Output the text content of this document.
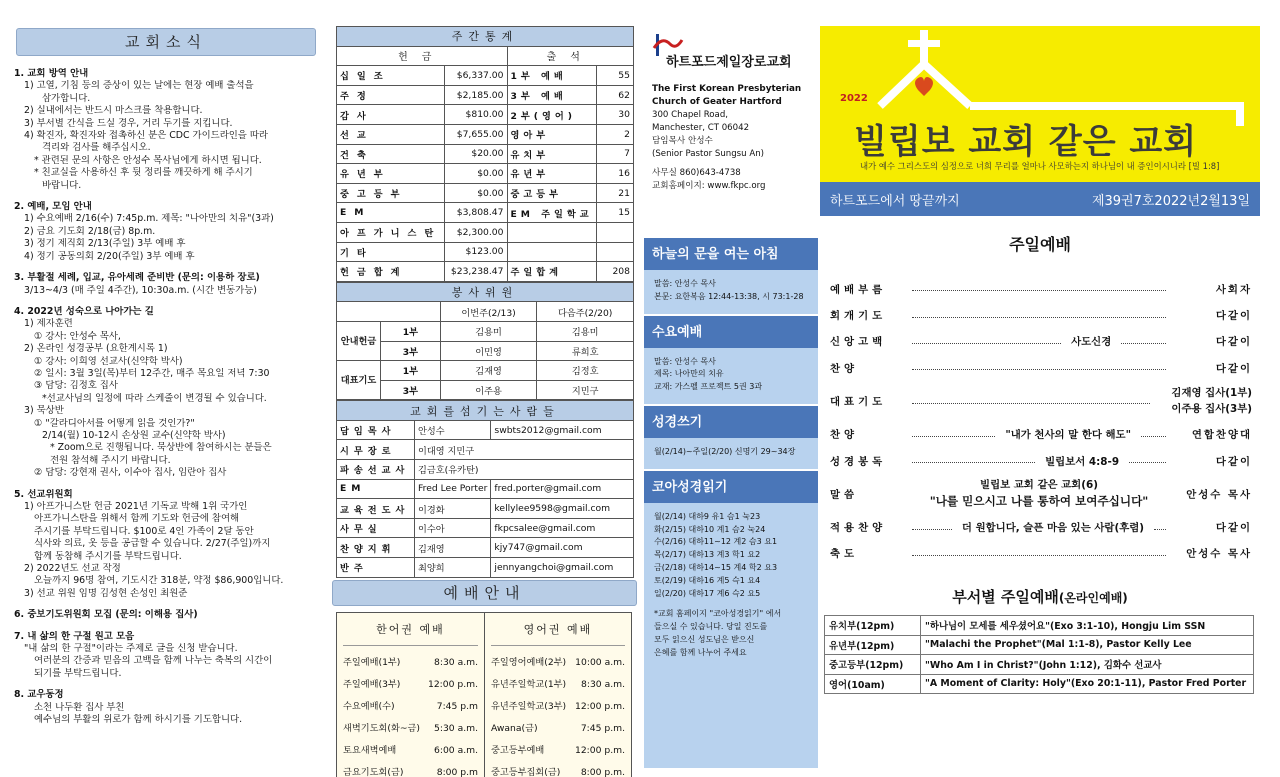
교회소식
1. 교회 방역 안내
1) 고열, 기침 등의 증상이 있는 날에는 현장 예배 출석을
삼가합니다.
2) 실내에서는 반드시 마스크를 착용합니다.
3) 부서별 간식을 드실 경우, 거리 두기를 지킵니다.
4) 확진자, 확진자와 접촉하신 분은 CDC 가이드라인을 따라
격리와 검사를 해주십시오.
* 관련된 문의 사항은 안성수 목사님에게 하시면 됩니다.
* 친교실을 사용하신 후 뒷 정리를 깨끗하게 해 주시기
바랍니다.
2. 예배, 모임 안내
1) 수요예배 2/16(수) 7:45p.m. 제목: "나아만의 치유"(3과)
2) 금요 기도회 2/18(금) 8p.m.
3) 정기 제직회 2/13(주일) 3부 예배 후
4) 정기 공동의회 2/20(주일) 3부 예배 후
3. 부활절 세례, 입교, 유아세례 준비반 (문의: 이용하 장로)
3/13~4/3 (매 주일 4주간), 10:30a.m. (시간 변동가능)
4. 2022년 성숙으로 나아가는 길
1) 제자훈련
① 강사: 안성수 목사,
2) 온라인 성경공부 (요한계시록 1)
① 강사: 이희영 선교사(신약학 박사)
② 일시: 3월 3일(목)부터 12주간, 매주 목요일 저녁 7:30
③ 담당: 김정호 집사
*선교사님의 일정에 따라 스케줄이 변경될 수 있습니다.
3) 묵상반
① "갈라디아서를 어떻게 읽을 것인가?"
2/14(월) 10-12시 손상원 교수(신약학 박사)
* Zoom으로 진행됩니다. 묵상반에 참여하시는 분들은
전원 참석해 주시기 바랍니다.
② 담당: 강현재 권사, 이수아 집사, 임란아 집사
5. 선교위원회
1) 아프가니스탄 헌금 2021년 기독교 박해 1위 국가인
아프가니스탄을 위해서 함께 기도와 헌금에 참여해
주시기를 부탁드립니다. $100로 4인 가족이 2달 동안
식사와 의료, 옷 등을 공급할 수 있습니다. 2/27(주일)까지
함께 동참해 주시기를 부탁드립니다.
2) 2022년도 선교 작정
오늘까지 96명 참여, 기도시간 318분, 약정 $86,900입니다.
3) 선교 위원 임명 김성현 손성인 최원준
6. 중보기도위원회 모집 (문의: 이해용 집사)
7. 내 삶의 한 구절 원고 모음
"내 삶의 한 구절"이라는 주제로 글을 신청 받습니다.
여러분의 간증과 믿음의 고백을 함께 나누는 축복의 시간이
되기를 부탁드립니다.
8. 교우동정
소천 나두환 집사 부친
예수님의 부활의 위로가 함께 하시기를 기도합니다.
주간통계			
헌금		출석	
십일조	$6,337.00	1부 예배	55
주정	$2,185.00	3부 예배	62
감사	$810.00	2부(영어)	30
선교	$7,655.00	영아부	2
건축	$20.00	유치부	7
유년부	$0.00	유년부	16
중고등부	$0.00	중고등부	21
EM	$3,808.47	EM 주일학교	15
아프가니스탄	$2,300.00		
기타	$123.00		
헌금합계	$23,238.47	주일합계	208
봉사위원			
		이번주(2/13)	다음주(2/20)
안내헌금	1부	김용미	김용미
	3부	이민영	류희호
대표기도	1부	김재영	김정호
	3부	이주용	지민구
교회를섬기는사람들		
담임목사	안성수	swbts2012@gmail.com
시무장로	이대영 지민구	
파송선교사	김금호(유카탄)	
EM	Fred Lee Porter	fred.porter@gmail.com
교육전도사	이경화	kellylee9598@gmail.com
사무실	이수아	fkpcsalee@gmail.com
찬양지휘	김재영	kjy747@gmail.com
반주	최양희	jennyangchoi@gmail.com
예배안내
한어권 예배
주일예배(1부)	8:30 a.m.
주일예배(3부)	12:00 p.m.
수요예배(수)	7:45 p.m
새벽기도회(화~금) 5:30 a.m.
토요새벽예배	6:00 a.m.
금요기도회(금)	8:00 p.m
영어권 예배
주일영어예배(2부) 10:00 a.m.
유년주일학교(1부) 8:30 a.m.
유년주일학교(3부) 12:00 p.m.
Awana(금)	7:45 p.m.
중고등부예배	12:00 p.m.
중고등부집회(금) 8:00 p.m.
하트포드제일장로교회
The First Korean Presbyterian
Church of Geater Hartford
300 Chapel Road,
Manchester, CT 06042
담임목사 안성수
(Senior Pastor Sungsu An)
사무실 860)643-4738
교회홈페이지: www.fkpc.org
하늘의 문을 여는 아침
말씀: 안성수 목사
본문: 요한복음 12:44-13:38, 시 73:1-28
수요예배
말씀: 안성수 목사
제목: 나아만의 치유
교재: 가스펠 프로젝트 5권 3과
성경쓰기
월(2/14)~주일(2/20) 신명기 29~34장
코아성경읽기
월(2/14) 대하9 유1 슴1 눅23
화(2/15) 대하10 계1 슴2 눅24
수(2/16) 대하11~12 계2 슴3 요1
목(2/17) 대하13 계3 학1 요2
금(2/18) 대하14~15 계4 학2 요3
토(2/19) 대하16 계5 슥1 요4
일(2/20) 대하17 계6 슥2 요5
*교회 홈페이지 "코아성경읽기" 에서
들으실 수 있습니다. 당일 진도를
모두 읽으신 성도님은 받으신
은혜를 함께 나누어 주세요
2022
빌립보 교회 같은 교회
내가 예수 그리스도의 심정으로 너희 무리를 얼마나 사모하는지 하나님이 내 증인이시니라 [빌 1:8]
하트포드에서 땅끝까지	제39권7호2022년2월13일
주일예배
예배부름	사회자
회개기도	다같이
신앙고백	사도신경	다같이
찬양	다같이
대표기도
김재영 집사(1부)
이주용 집사(3부)
찬양	"내가 천사의 말 한다 해도"	연합찬양대
성경봉독	빌립보서 4:8-9	다같이
말씀
빌립보 교회 같은 교회(6)
"나를 믿으시고 나를 통하여 보여주십니다"	안성수 목사
적용찬양	더 원합니다, 슬픈 마음 있는 사람(후렴)	다같이
축도	안성수 목사
부서별 주일예배(온라인예배)
유치부(12pm)	"하나님이 모세를 세우셨어요"(Exo 3:1-10), Hongju Lim SSN
유년부(12pm)	"Malachi the Prophet"(Mal 1:1-8), Pastor Kelly Lee
중고등부(12pm)	"Who Am I in Christ?"(John 1:12), 김화수 선교사
영어(10am)	"A Moment of Clarity: Holy"(Exo 20:1-11), Pastor Fred Porter
